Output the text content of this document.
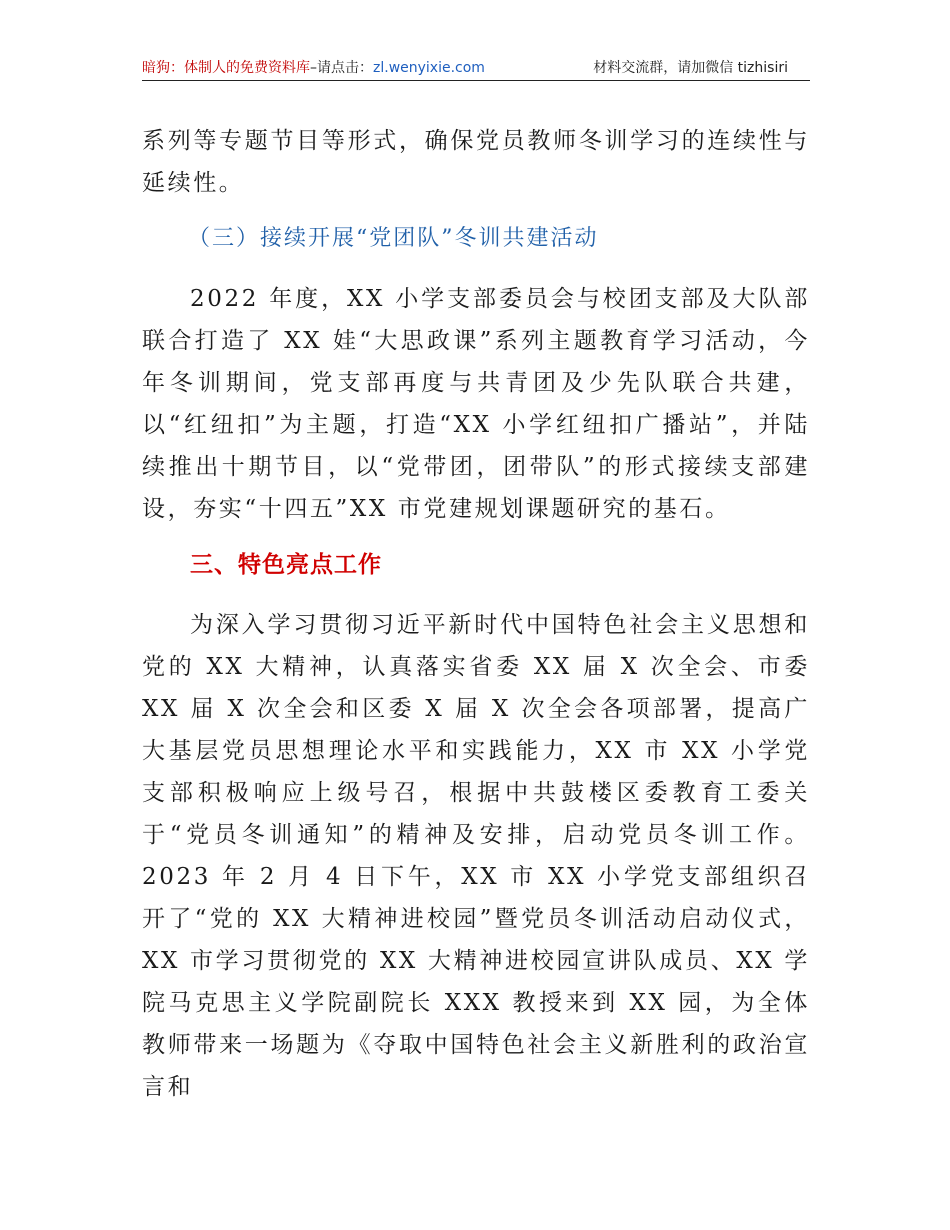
暗狗：体制人的免费资料库–请点击：zl.wenyixie.com	材料交流群，请加微信 tizhisiri

系列等专题节目等形式，确保党员教师冬训学习的连续性与延续性。

（三）接续开展“党团队”冬训共建活动

2022 年度，XX 小学支部委员会与校团支部及大队部联合打造了 XX 娃“大思政课”系列主题教育学习活动，今年冬训期间，党支部再度与共青团及少先队联合共建，以“红纽扣”为主题，打造“XX 小学红纽扣广播站”，并陆续推出十期节目，以“党带团，团带队”的形式接续支部建设，夯实“十四五”XX 市党建规划课题研究的基石。

三、特色亮点工作

为深入学习贯彻习近平新时代中国特色社会主义思想和党的 XX 大精神，认真落实省委 XX 届 X 次全会、市委 XX 届 X 次全会和区委 X 届 X 次全会各项部署，提高广大基层党员思想理论水平和实践能力，XX 市 XX 小学党支部积极响应上级号召，根据中共鼓楼区委教育工委关于“党员冬训通知”的精神及安排，启动党员冬训工作。2023 年 2 月 4 日下午，XX 市 XX 小学党支部组织召开了“党的 XX 大精神进校园”暨党员冬训活动启动仪式，XX 市学习贯彻党的 XX 大精神进校园宣讲队成员、XX 学院马克思主义学院副院长 XXX 教授来到 XX 园，为全体教师带来一场题为《夺取中国特色社会主义新胜利的政治宣言和
